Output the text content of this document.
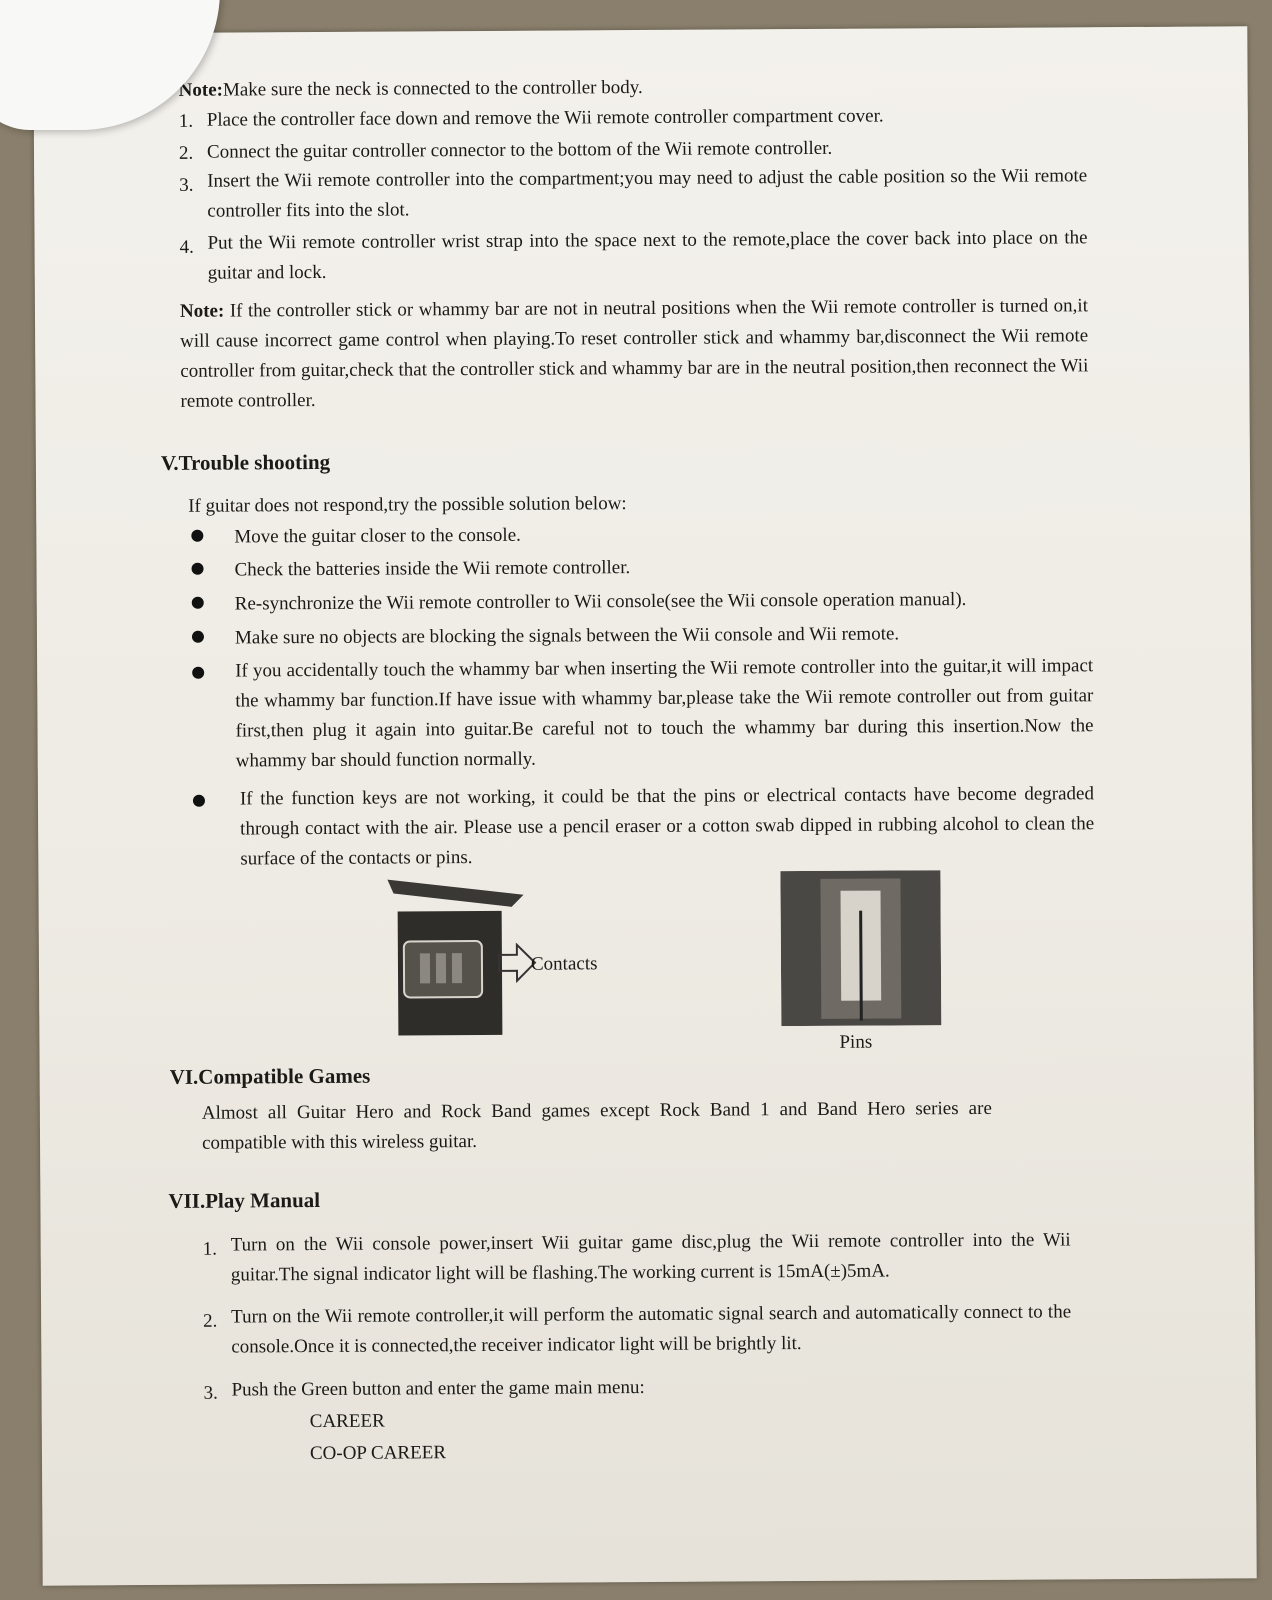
Note:Make sure the neck is connected to the controller body.
1. Place the controller face down and remove the Wii remote controller compartment cover.
2. Connect the guitar controller connector to the bottom of the Wii remote controller.
3. Insert the Wii remote controller into the compartment;you may need to adjust the cable position so the Wii remote controller fits into the slot.
4. Put the Wii remote controller wrist strap into the space next to the remote,place the cover back into place on the guitar and lock.
Note: If the controller stick or whammy bar are not in neutral positions when the Wii remote controller is turned on,it will cause incorrect game control when playing.To reset controller stick and whammy bar,disconnect the Wii remote controller from guitar,check that the controller stick and whammy bar are in the neutral position,then reconnect the Wii remote controller.
V.Trouble shooting
If guitar does not respond,try the possible solution below:
Move the guitar closer to the console.
Check the batteries inside the Wii remote controller.
Re-synchronize the Wii remote controller to Wii console(see the Wii console operation manual).
Make sure no objects are blocking the signals between the Wii console and Wii remote.
If you accidentally touch the whammy bar when inserting the Wii remote controller into the guitar,it will impact the whammy bar function.If have issue with whammy bar,please take the Wii remote controller out from guitar first,then plug it again into guitar.Be careful not to touch the whammy bar during this insertion.Now the whammy bar should function normally.
If the function keys are not working, it could be that the pins or electrical contacts have become degraded through contact with the air. Please use a pencil eraser or a cotton swab dipped in rubbing alcohol to clean the surface of the contacts or pins.
Contacts
Pins
VI.Compatible Games
Almost all Guitar Hero and Rock Band games except Rock Band 1 and Band Hero series are compatible with this wireless guitar.
VII.Play Manual
1. Turn on the Wii console power,insert Wii guitar game disc,plug the Wii remote controller into the Wii guitar.The signal indicator light will be flashing.The working current is 15mA(±)5mA.
2. Turn on the Wii remote controller,it will perform the automatic signal search and automatically connect to the console.Once it is connected,the receiver indicator light will be brightly lit.
3. Push the Green button and enter the game main menu:
CAREER
CO-OP CAREER
